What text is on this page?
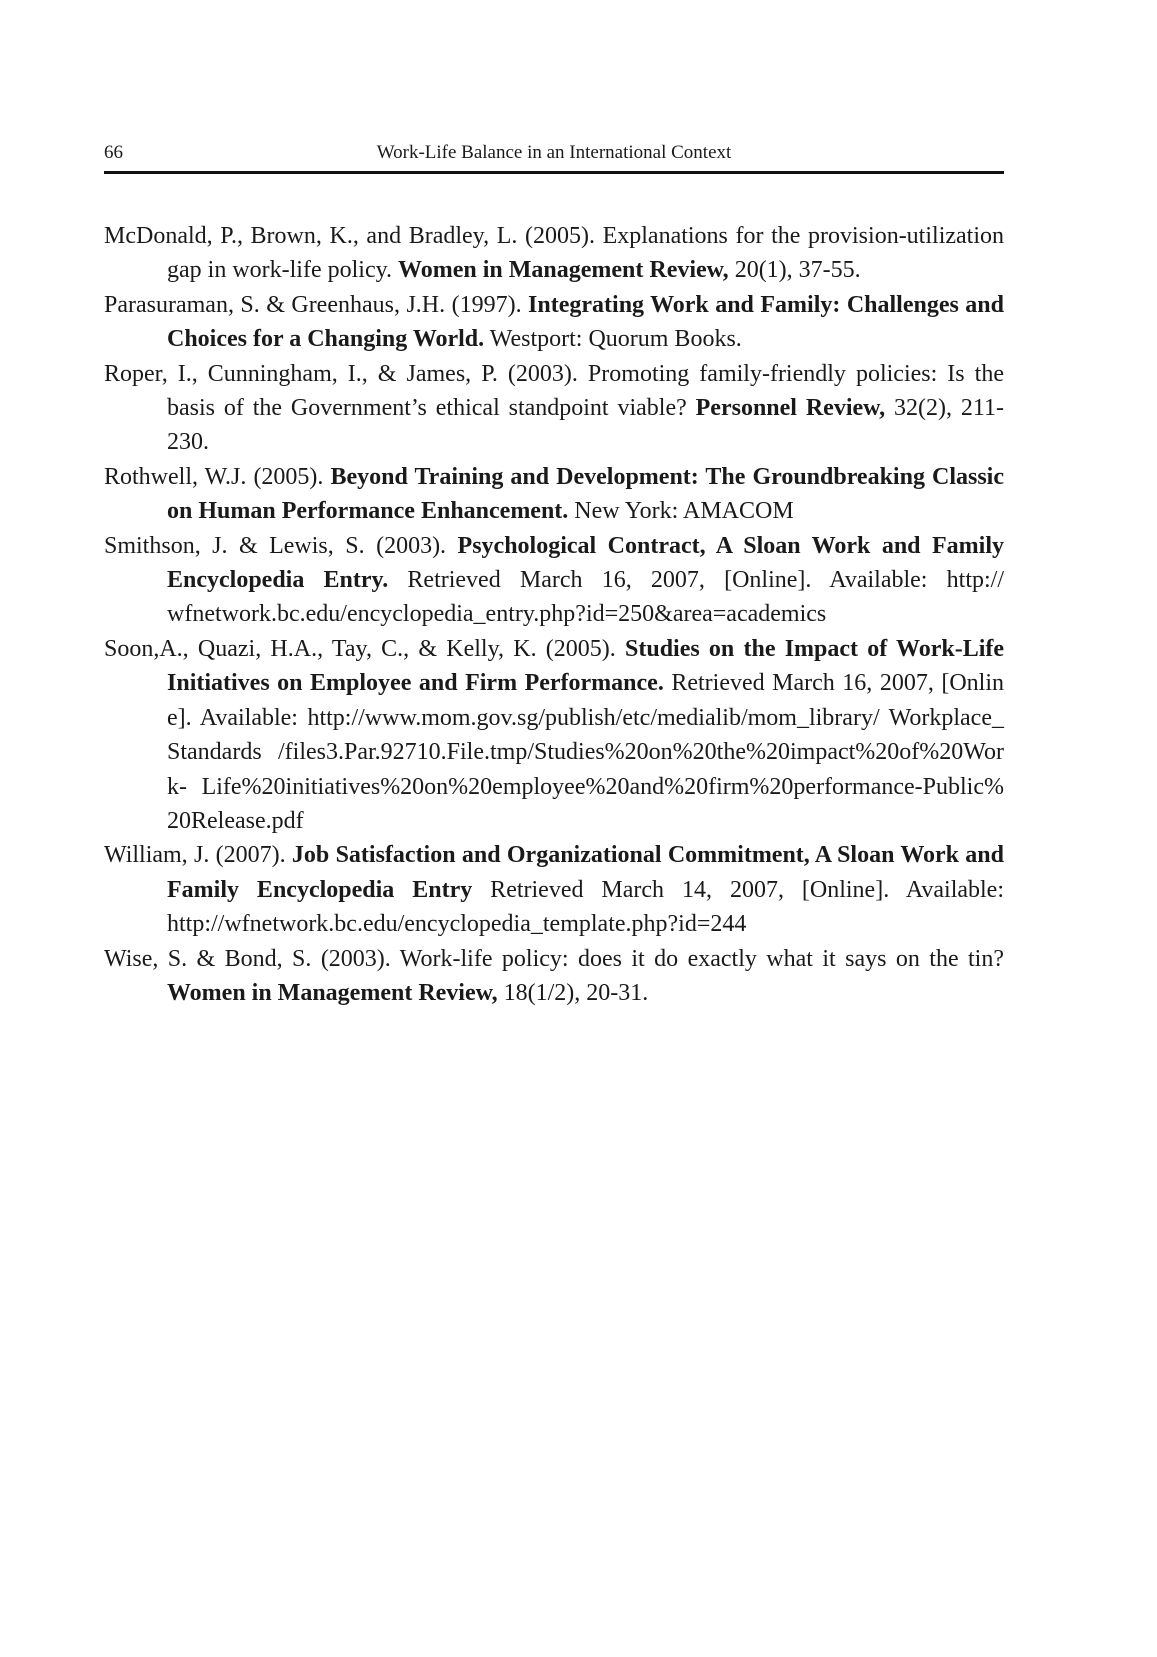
66	Work-Life Balance in an International Context

McDonald, P., Brown, K., and Bradley, L. (2005). Explanations for the provision-utilization gap in work-life policy. Women in Management Review, 20(1), 37-55.

Parasuraman, S. & Greenhaus, J.H. (1997). Integrating Work and Family: Challenges and Choices for a Changing World. Westport: Quorum Books.

Roper, I., Cunningham, I., & James, P. (2003). Promoting family-friendly policies: Is the basis of the Government’s ethical standpoint viable? Personnel Review, 32(2), 211-230.

Rothwell, W.J. (2005). Beyond Training and Development: The Groundbreaking Classic on Human Performance Enhancement. New York: AMACOM

Smithson, J. & Lewis, S. (2003). Psychological Contract, A Sloan Work and Family Encyclopedia Entry. Retrieved March 16, 2007, [Online]. Available: http:// wfnetwork.bc.edu/encyclopedia_entry.php?id=250&area=academics

Soon,A., Quazi, H.A., Tay, C., & Kelly, K. (2005). Studies on the Impact of Work-Life Initiatives on Employee and Firm Performance. Retrieved March 16, 2007, [Online]. Available: http://www.mom.gov.sg/publish/etc/medialib/mom_library/ Workplace_Standards /files3.Par.92710.File.tmp/Studies%20on%20the%20impact%20of%20Work- Life%20initiatives%20on%20employee%20and%20firm%20performance-Public%20Release.pdf

William, J. (2007). Job Satisfaction and Organizational Commitment, A Sloan Work and Family Encyclopedia Entry Retrieved March 14, 2007, [Online]. Available: http://wfnetwork.bc.edu/encyclopedia_template.php?id=244

Wise, S. & Bond, S. (2003). Work-life policy: does it do exactly what it says on the tin? Women in Management Review, 18(1/2), 20-31.
